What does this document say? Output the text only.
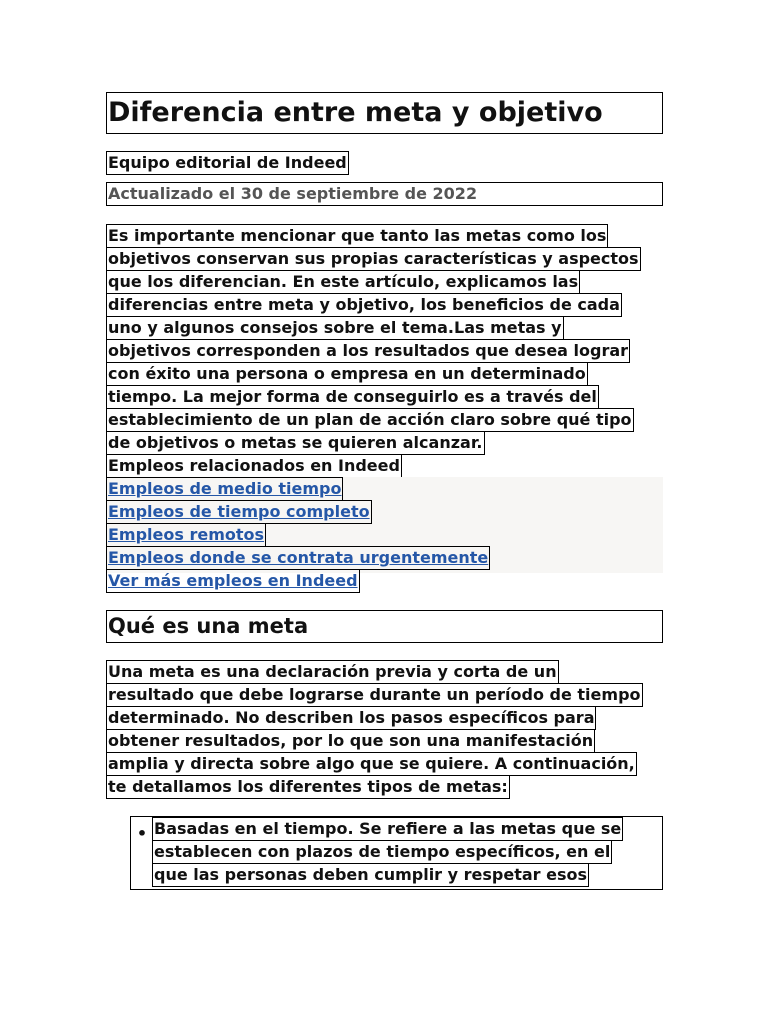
Diferencia entre meta y objetivo
Equipo editorial de Indeed
Actualizado el 30 de septiembre de 2022
Es importante mencionar que tanto las metas como los
objetivos conservan sus propias características y aspectos
que los diferencian. En este artículo, explicamos las
diferencias entre meta y objetivo, los beneficios de cada
uno y algunos consejos sobre el tema.Las metas y
objetivos corresponden a los resultados que desea lograr
con éxito una persona o empresa en un determinado
tiempo. La mejor forma de conseguirlo es a través del
establecimiento de un plan de acción claro sobre qué tipo
de objetivos o metas se quieren alcanzar.
Empleos relacionados en Indeed
Empleos de medio tiempo
Empleos de tiempo completo
Empleos remotos
Empleos donde se contrata urgentemente
Ver más empleos en Indeed
Qué es una meta
Una meta es una declaración previa y corta de un
resultado que debe lograrse durante un período de tiempo
determinado. No describen los pasos específicos para
obtener resultados, por lo que son una manifestación
amplia y directa sobre algo que se quiere. A continuación,
te detallamos los diferentes tipos de metas:
• Basadas en el tiempo. Se refiere a las metas que se
establecen con plazos de tiempo específicos, en el
que las personas deben cumplir y respetar esos
